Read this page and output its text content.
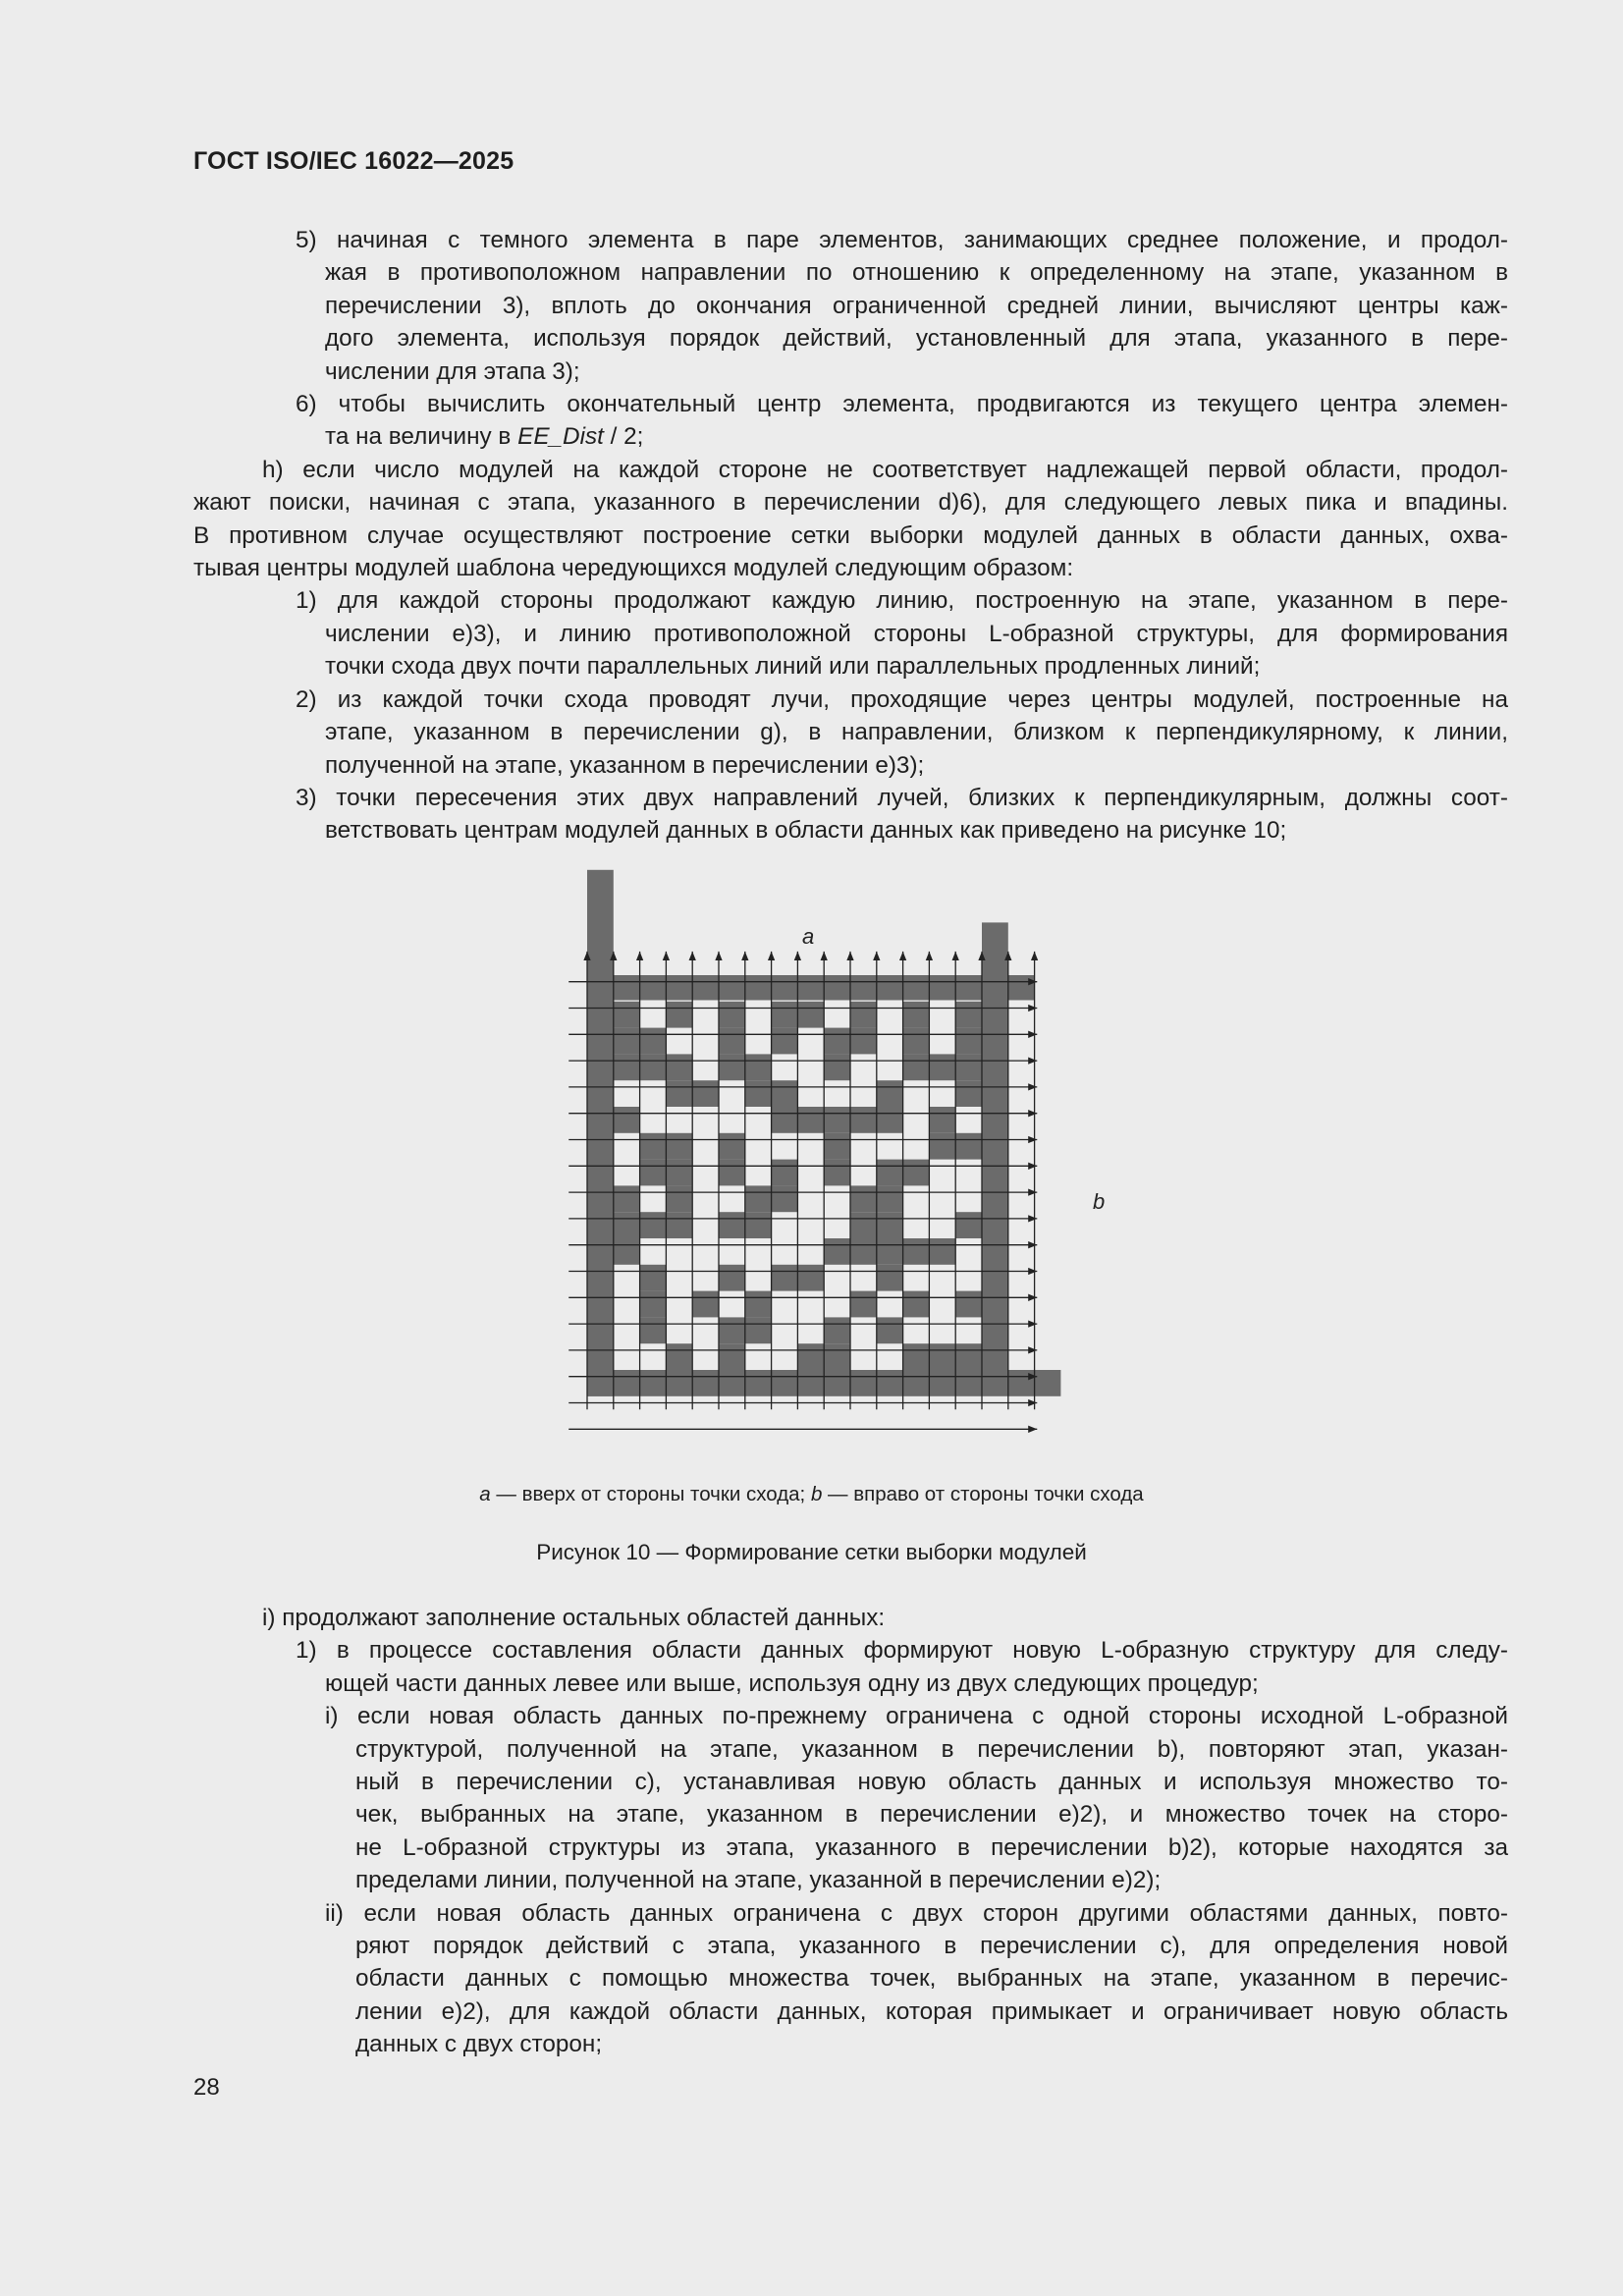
ГОСТ ISO/IEC 16022—2025
5) начиная с темного элемента в паре элементов, занимающих среднее положение, и продол-
жая в противоположном направлении по отношению к определенному на этапе, указанном в
перечислении 3), вплоть до окончания ограниченной средней линии, вычисляют центры каж-
дого элемента, используя порядок действий, установленный для этапа, указанного в пере-
числении для этапа 3);
6) чтобы вычислить окончательный центр элемента, продвигаются из текущего центра элемен-
та на величину в EE_Dist / 2;
h) если число модулей на каждой стороне не соответствует надлежащей первой области, продол-
жают поиски, начиная с этапа, указанного в перечислении d)6), для следующего левых пика и впадины.
В противном случае осуществляют построение сетки выборки модулей данных в области данных, охва-
тывая центры модулей шаблона чередующихся модулей следующим образом:
1) для каждой стороны продолжают каждую линию, построенную на этапе, указанном в пере-
числении e)3), и линию противоположной стороны L-образной структуры, для формирования
точки схода двух почти параллельных линий или параллельных продленных линий;
2) из каждой точки схода проводят лучи, проходящие через центры модулей, построенные на
этапе, указанном в перечислении g), в направлении, близком к перпендикулярному, к линии,
полученной на этапе, указанном в перечислении e)3);
3) точки пересечения этих двух направлений лучей, близких к перпендикулярным, должны соот-
ветствовать центрам модулей данных в области данных как приведено на рисунке 10;
a
b
a — вверх от стороны точки схода; b — вправо от стороны точки схода
Рисунок 10 — Формирование сетки выборки модулей
i) продолжают заполнение остальных областей данных:
1) в процессе составления области данных формируют новую L-образную структуру для следу-
ющей части данных левее или выше, используя одну из двух следующих процедур;
i) если новая область данных по-прежнему ограничена с одной стороны исходной L-образной
структурой, полученной на этапе, указанном в перечислении b), повторяют этап, указан-
ный в перечислении c), устанавливая новую область данных и используя множество то-
чек, выбранных на этапе, указанном в перечислении e)2), и множество точек на сторо-
не L-образной структуры из этапа, указанного в перечислении b)2), которые находятся за
пределами линии, полученной на этапе, указанной в перечислении e)2);
ii) если новая область данных ограничена с двух сторон другими областями данных, повто-
ряют порядок действий с этапа, указанного в перечислении c), для определения новой
области данных с помощью множества точек, выбранных на этапе, указанном в перечис-
лении e)2), для каждой области данных, которая примыкает и ограничивает новую область
данных с двух сторон;
28
